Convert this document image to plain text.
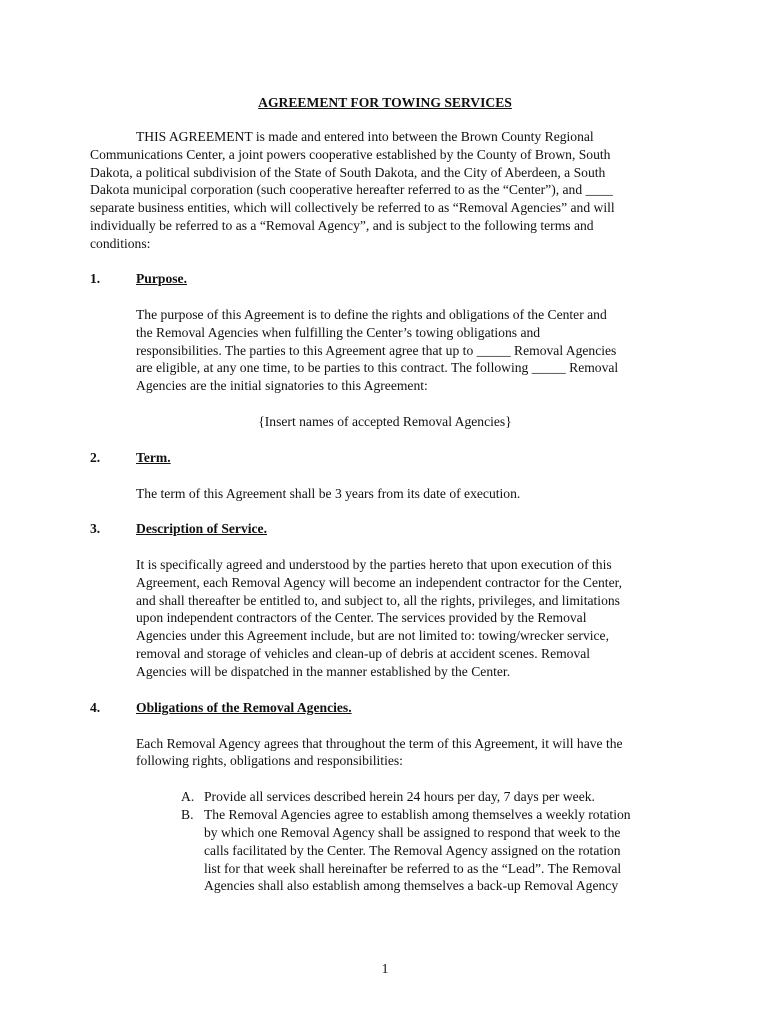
AGREEMENT FOR TOWING SERVICES
THIS AGREEMENT is made and entered into between the Brown County Regional
Communications Center, a joint powers cooperative established by the County of Brown, South
Dakota, a political subdivision of the State of South Dakota, and the City of Aberdeen, a South
Dakota municipal corporation (such cooperative hereafter referred to as the “Center”), and ____
separate business entities, which will collectively be referred to as “Removal Agencies” and will
individually be referred to as a “Removal Agency”, and is subject to the following terms and
conditions:
1.	Purpose.
The purpose of this Agreement is to define the rights and obligations of the Center and
the Removal Agencies when fulfilling the Center’s towing obligations and
responsibilities. The parties to this Agreement agree that up to _____ Removal Agencies
are eligible, at any one time, to be parties to this contract. The following _____ Removal
Agencies are the initial signatories to this Agreement:
{Insert names of accepted Removal Agencies}
2.	Term.
The term of this Agreement shall be 3 years from its date of execution.
3.	Description of Service.
It is specifically agreed and understood by the parties hereto that upon execution of this
Agreement, each Removal Agency will become an independent contractor for the Center,
and shall thereafter be entitled to, and subject to, all the rights, privileges, and limitations
upon independent contractors of the Center. The services provided by the Removal
Agencies under this Agreement include, but are not limited to: towing/wrecker service,
removal and storage of vehicles and clean-up of debris at accident scenes. Removal
Agencies will be dispatched in the manner established by the Center.
4.	Obligations of the Removal Agencies.
Each Removal Agency agrees that throughout the term of this Agreement, it will have the
following rights, obligations and responsibilities:
A. Provide all services described herein 24 hours per day, 7 days per week.
B. The Removal Agencies agree to establish among themselves a weekly rotation
by which one Removal Agency shall be assigned to respond that week to the
calls facilitated by the Center. The Removal Agency assigned on the rotation
list for that week shall hereinafter be referred to as the “Lead”. The Removal
Agencies shall also establish among themselves a back-up Removal Agency
1
